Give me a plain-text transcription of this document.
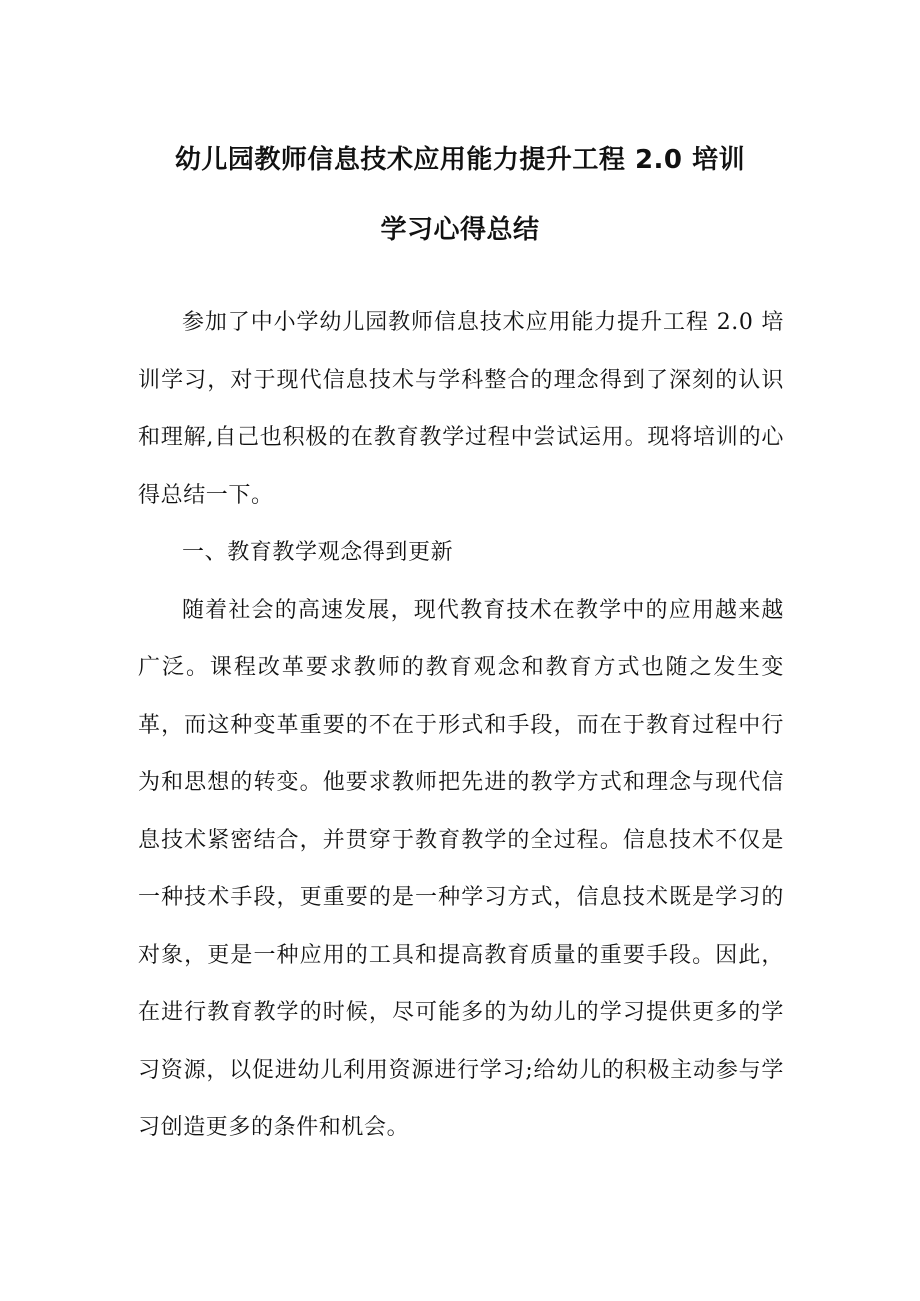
幼儿园教师信息技术应用能力提升工程 2.0 培训
学习心得总结

参加了中小学幼儿园教师信息技术应用能力提升工程 2.0 培训学习，对于现代信息技术与学科整合的理念得到了深刻的认识和理解,自己也积极的在教育教学过程中尝试运用。现将培训的心得总结一下。

一、教育教学观念得到更新

随着社会的高速发展，现代教育技术在教学中的应用越来越广泛。课程改革要求教师的教育观念和教育方式也随之发生变革，而这种变革重要的不在于形式和手段，而在于教育过程中行为和思想的转变。他要求教师把先进的教学方式和理念与现代信息技术紧密结合，并贯穿于教育教学的全过程。信息技术不仅是一种技术手段，更重要的是一种学习方式，信息技术既是学习的对象，更是一种应用的工具和提高教育质量的重要手段。因此，在进行教育教学的时候，尽可能多的为幼儿的学习提供更多的学习资源，以促进幼儿利用资源进行学习;给幼儿的积极主动参与学习创造更多的条件和机会。
